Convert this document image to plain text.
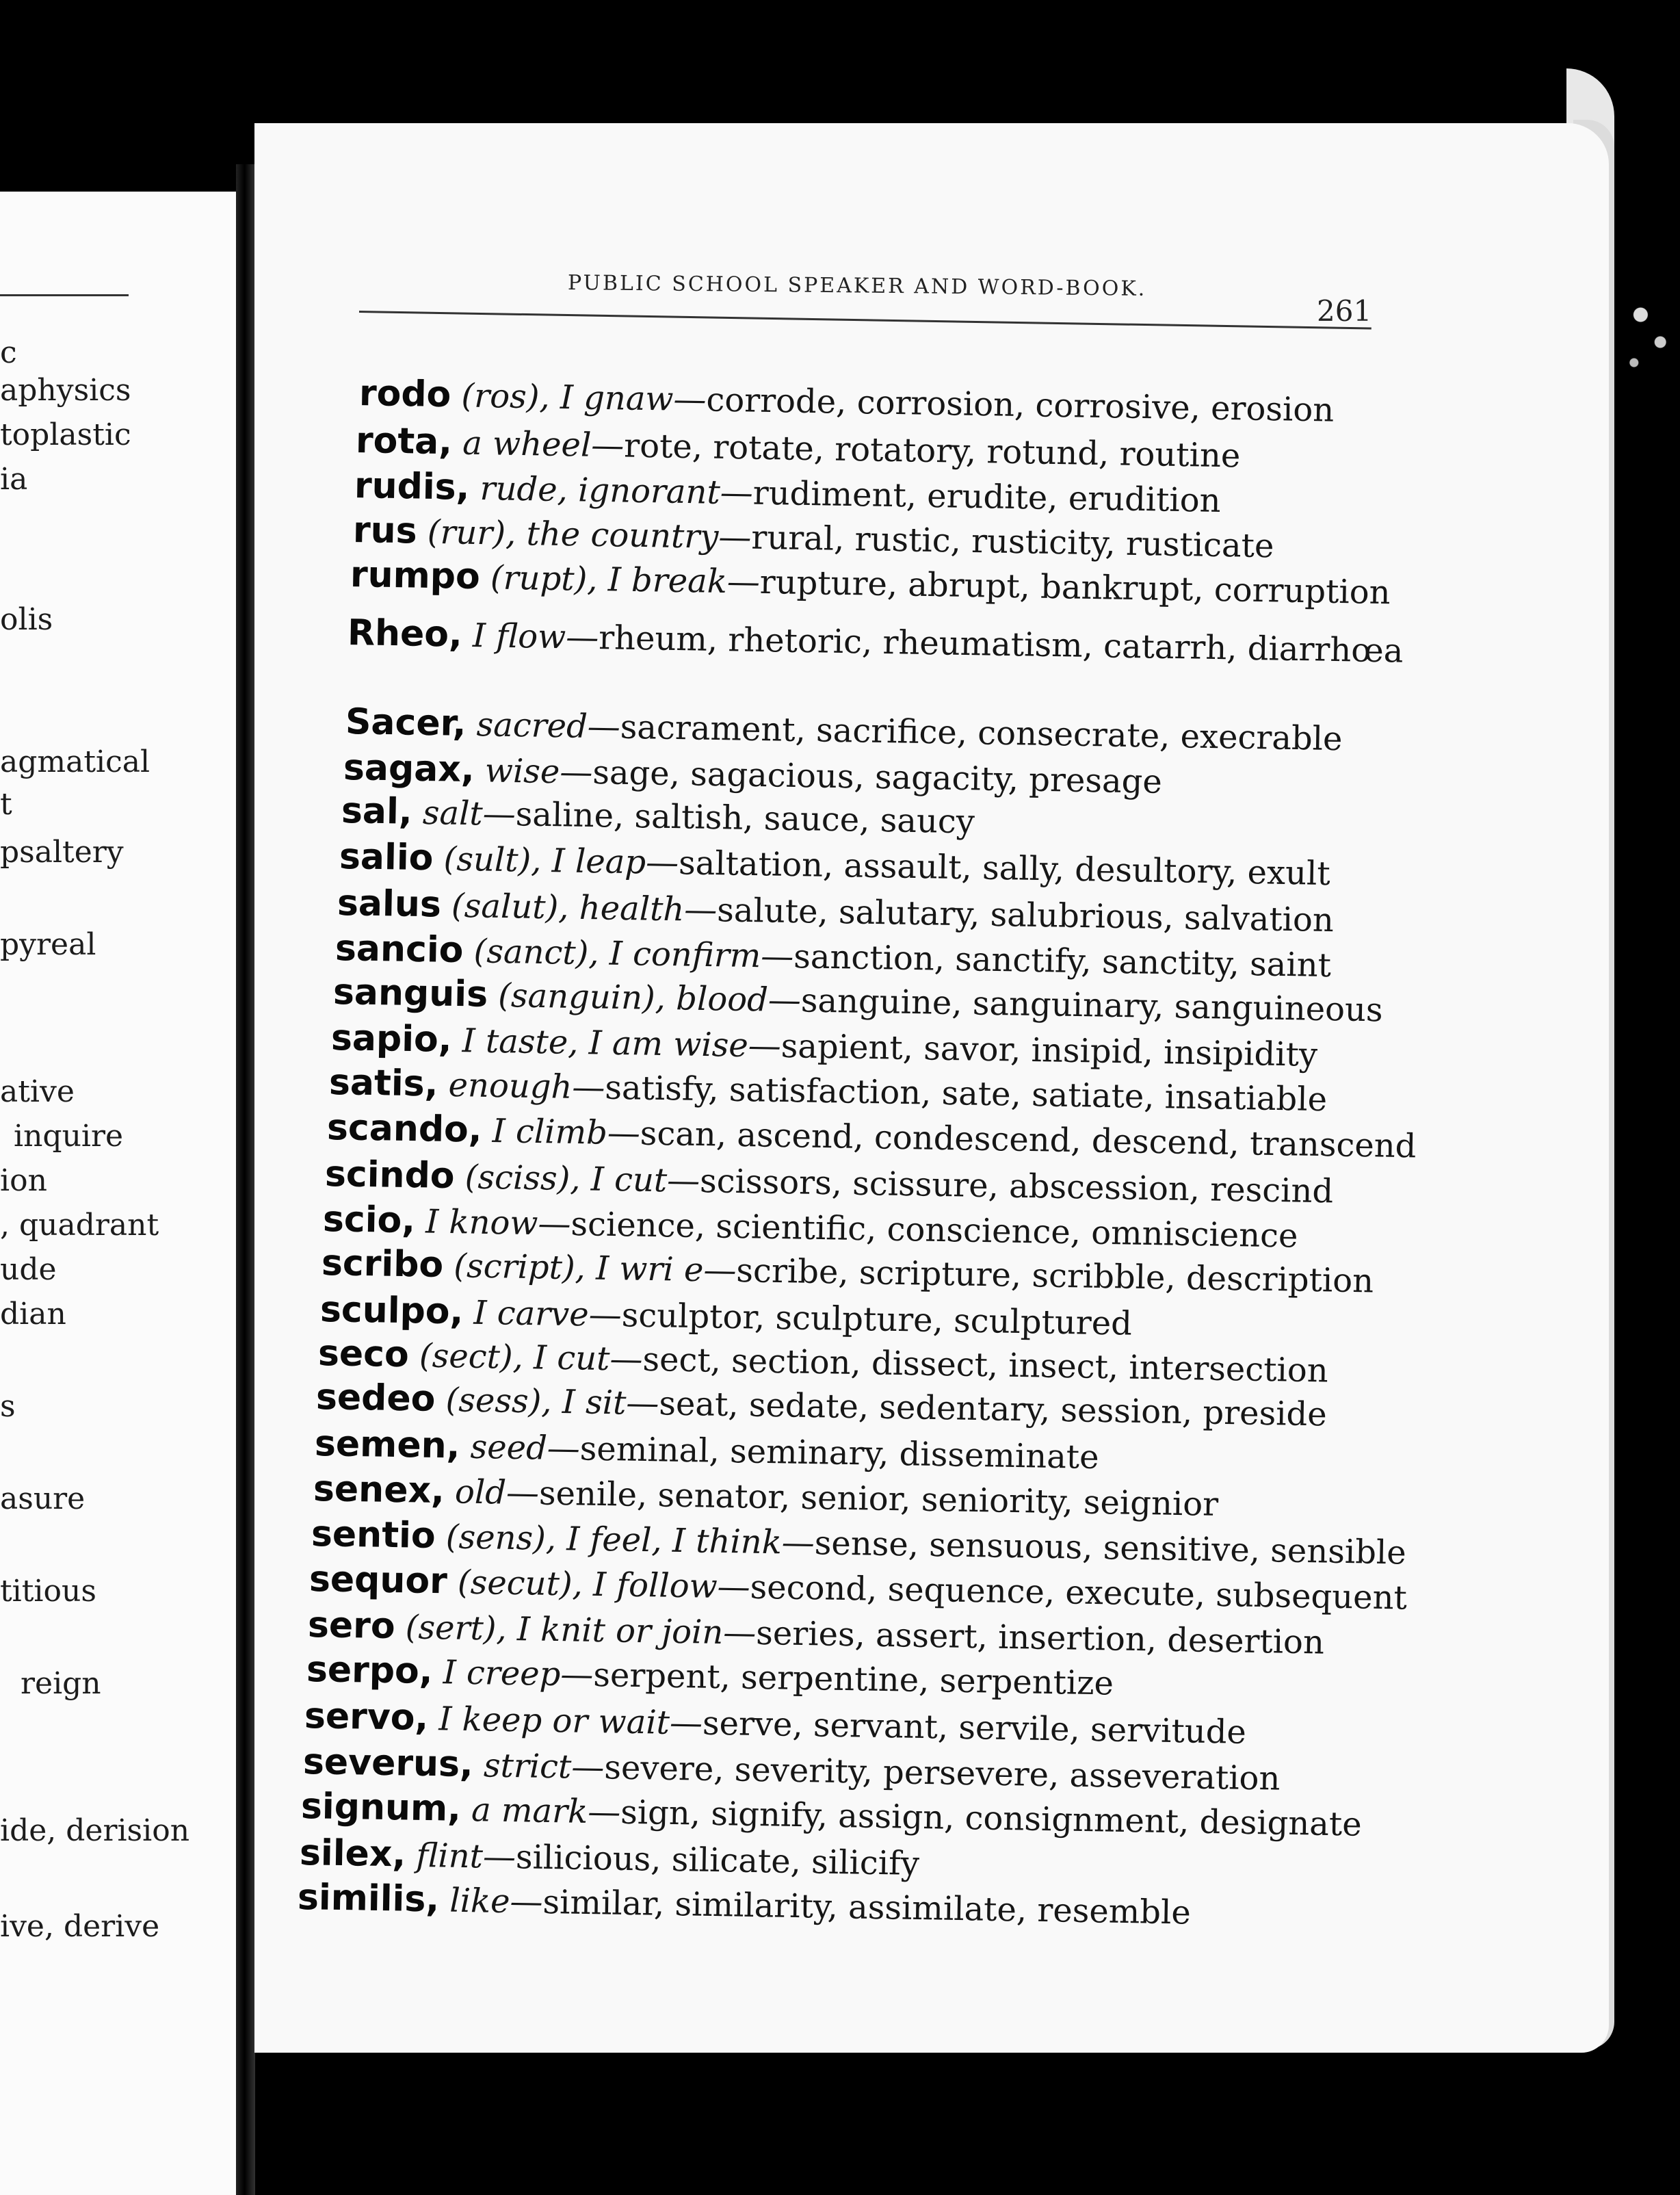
c
aphysics
toplastic
ia
olis
agmatical
t
psaltery
pyreal
ative
inquire
ion
, quadrant
ude
dian
s
asure
titious
reign
ide, derision
ive, derive
PUBLIC SCHOOL SPEAKER AND WORD-BOOK.
261
rodo (ros), I gnaw—corrode, corrosion, corrosive, erosion
rota, a wheel—rote, rotate, rotatory, rotund, routine
rudis, rude, ignorant—rudiment, erudite, erudition
rus (rur), the country—rural, rustic, rusticity, rusticate
rumpo (rupt), I break—rupture, abrupt, bankrupt, corruption
Rheo, I flow—rheum, rhetoric, rheumatism, catarrh, diarrhœa
Sacer, sacred—sacrament, sacrifice, consecrate, execrable
sagax, wise—sage, sagacious, sagacity, presage
sal, salt—saline, saltish, sauce, saucy
salio (sult), I leap—saltation, assault, sally, desultory, exult
salus (salut), health—salute, salutary, salubrious, salvation
sancio (sanct), I confirm—sanction, sanctify, sanctity, saint
sanguis (sanguin), blood—sanguine, sanguinary, sanguineous
sapio, I taste, I am wise—sapient, savor, insipid, insipidity
satis, enough—satisfy, satisfaction, sate, satiate, insatiable
scando, I climb—scan, ascend, condescend, descend, transcend
scindo (sciss), I cut—scissors, scissure, abscession, rescind
scio, I know—science, scientific, conscience, omniscience
scribo (script), I wri e—scribe, scripture, scribble, description
sculpo, I carve—sculptor, sculpture, sculptured
seco (sect), I cut—sect, section, dissect, insect, intersection
sedeo (sess), I sit—seat, sedate, sedentary, session, preside
semen, seed—seminal, seminary, disseminate
senex, old—senile, senator, senior, seniority, seignior
sentio (sens), I feel, I think—sense, sensuous, sensitive, sensible
sequor (secut), I follow—second, sequence, execute, subsequent
sero (sert), I knit or join—series, assert, insertion, desertion
serpo, I creep—serpent, serpentine, serpentize
servo, I keep or wait—serve, servant, servile, servitude
severus, strict—severe, severity, persevere, asseveration
signum, a mark—sign, signify, assign, consignment, designate
silex, flint—silicious, silicate, silicify
similis, like—similar, similarity, assimilate, resemble
